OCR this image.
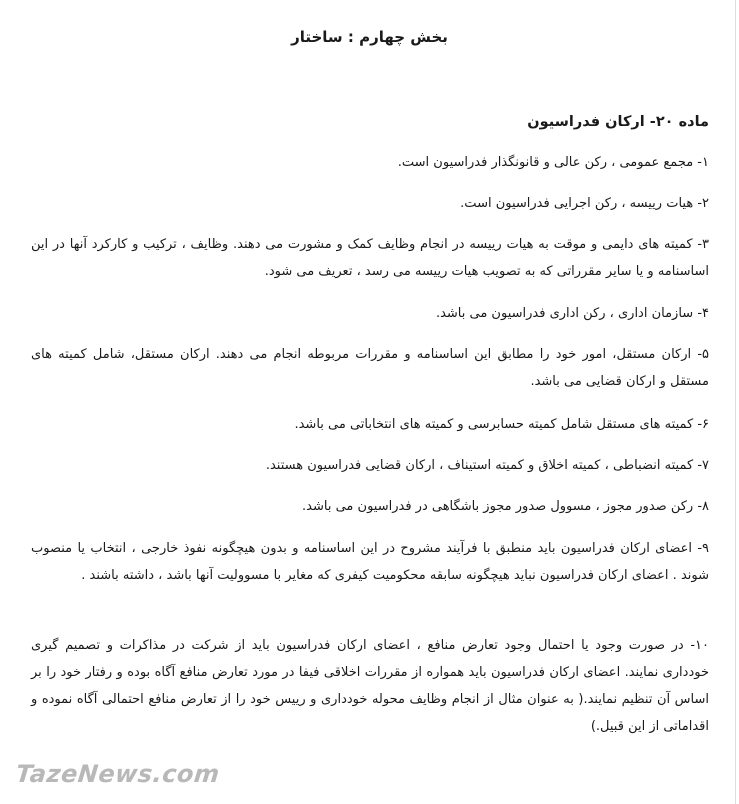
بخش چهارم : ساختار
ماده ۲۰- ارکان فدراسیون
۱- مجمع عمومی ، رکن عالی و قانونگذار فدراسیون است.
۲- هیات رییسه ، رکن اجرایی فدراسیون است.
۳- کمیته های دایمی و موقت به هیات رییسه در انجام وظایف کمک و مشورت می دهند. وظایف ، ترکیب و کارکرد آنها در این اساسنامه و یا سایر مقرراتی که به تصویب هیات رییسه می رسد ، تعریف می شود.
۴- سازمان اداری ، رکن اداری فدراسیون می باشد.
۵- ارکان مستقل، امور خود را مطابق این اساسنامه و مقررات مربوطه انجام می دهند. ارکان مستقل، شامل کمیته های مستقل و ارکان قضایی می باشد.
۶- کمیته های مستقل شامل کمیته حسابرسی و کمیته های انتخاباتی می باشد.
۷- کمیته انضباطی ، کمیته اخلاق و کمیته استیناف ، ارکان قضایی فدراسیون هستند.
۸- رکن صدور مجوز ، مسوول صدور مجوز باشگاهی در فدراسیون می باشد.
۹- اعضای ارکان فدراسیون باید منطبق با فرآیند مشروح در این اساسنامه و بدون هیچگونه نفوذ خارجی ، انتخاب یا منصوب شوند . اعضای ارکان فدراسیون نباید هیچگونه سابقه محکومیت کیفری که مغایر با مسوولیت آنها باشد ، داشته باشند .
۱۰- در صورت وجود یا احتمال وجود تعارض منافع ، اعضای ارکان فدراسیون باید از شرکت در مذاکرات و تصمیم گیری خودداری نمایند. اعضای ارکان فدراسیون باید همواره از مقررات اخلاقی فیفا در مورد تعارض منافع آگاه بوده و رفتار خود را بر اساس آن تنظیم نمایند.( به عنوان مثال از انجام وظایف محوله خودداری و رییس خود را از تعارض منافع احتمالی آگاه نموده و اقداماتی از این قبیل.)
TazeNews.com
